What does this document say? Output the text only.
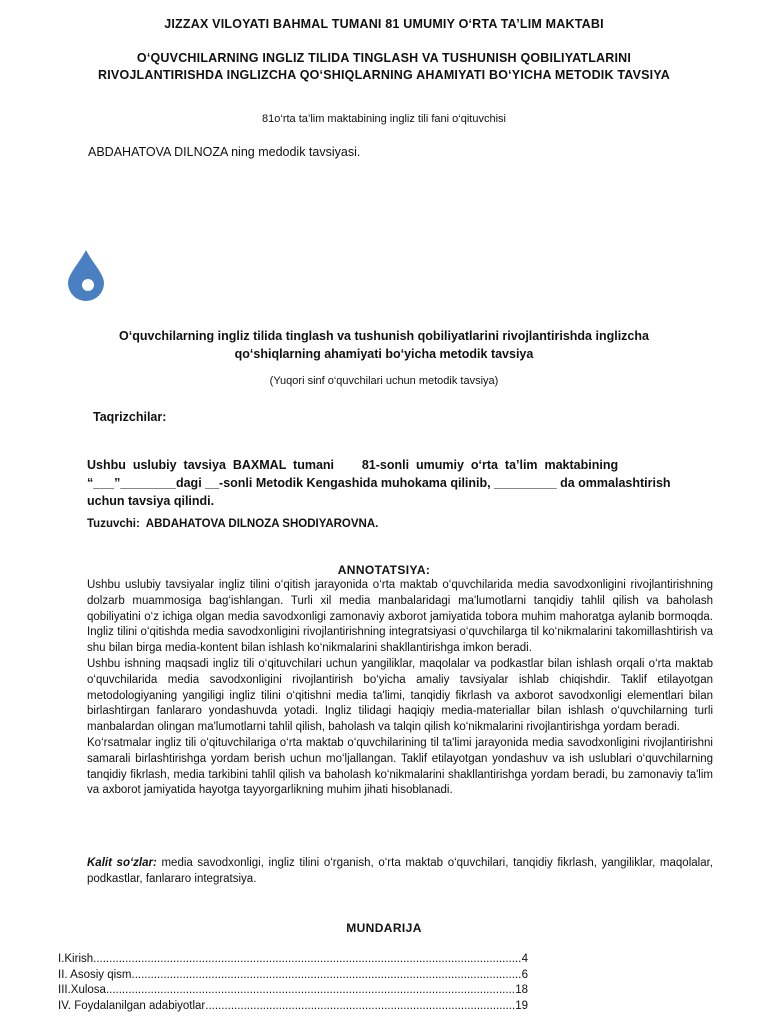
JIZZAX VILOYATI BAHMAL TUMANI 81 UMUMIY O‘RTA TA’LIM MAKTABI
O‘QUVCHILARNING INGLIZ TILIDA TINGLASH VA TUSHUNISH QOBILIYATLARINI
RIVOJLANTIRISHDA INGLIZCHA QO‘SHIQLARNING AHAMIYATI BO‘YICHA METODIK TAVSIYA
81o‘rta ta’lim maktabining ingliz tili fani o‘qituvchisi
ABDAHATOVA DILNOZA ning medodik tavsiyasi.
O‘quvchilarning ingliz tilida tinglash va tushunish qobiliyatlarini rivojlantirishda inglizcha
qo‘shiqlarning ahamiyati bo‘yicha metodik tavsiya
(Yuqori sinf o‘quvchilari uchun metodik tavsiya)
Taqrizchilar:

Ushbu  uslubiy  tavsiya  BAXMAL  tumani        81-sonli  umumiy  o‘rta  ta’lim  maktabining

“___”________dagi __-sonli Metodik Kengashida muhokama qilinib, _________ da ommalashtirish

uchun tavsiya qilindi.

Tuzuvchi: ABDAHATOVA DILNOZA SHODIYAROVNA.
ANNOTATSIYA:

Ushbu uslubiy tavsiyalar ingliz tilini o‘qitish jarayonida o‘rta maktab o‘quvchilarida media savodxonligini rivojlantirishning dolzarb muammosiga bag‘ishlangan. Turli xil media manbalaridagi ma'lumotlarni tanqidiy tahlil qilish va baholash qobiliyatini o‘z ichiga olgan media savodxonligi zamonaviy axborot jamiyatida tobora muhim mahoratga aylanib bormoqda. Ingliz tilini o‘qitishda media savodxonligini rivojlantirishning integratsiyasi o‘quvchilarga til ko‘nikmalarini takomillashtirish va shu bilan birga media-kontent bilan ishlash ko‘nikmalarini shakllantirishga imkon beradi.

Ushbu ishning maqsadi ingliz tili o‘qituvchilari uchun yangiliklar, maqolalar va podkastlar bilan ishlash orqali o‘rta maktab o‘quvchilarida media savodxonligini rivojlantirish bo‘yicha amaliy tavsiyalar ishlab chiqishdir. Taklif etilayotgan metodologiyaning yangiligi ingliz tilini o‘qitishni media ta'limi, tanqidiy fikrlash va axborot savodxonligi elementlari bilan birlashtirgan fanlararo yondashuvda yotadi. Ingliz tilidagi haqiqiy media-materiallar bilan ishlash o‘quvchilarning turli manbalardan olingan ma'lumotlarni tahlil qilish, baholash va talqin qilish ko‘nikmalarini rivojlantirishga yordam beradi.

Ko‘rsatmalar ingliz tili o‘qituvchilariga o‘rta maktab o‘quvchilarining til ta'limi jarayonida media savodxonligini rivojlantirishni samarali birlashtirishga yordam berish uchun mo‘ljallangan. Taklif etilayotgan yondashuv va ish uslublari o‘quvchilarning tanqidiy fikrlash, media tarkibini tahlil qilish va baholash ko‘nikmalarini shakllantirishga yordam beradi, bu zamonaviy ta'lim va axborot jamiyatida hayotga tayyorgarlikning muhim jihati hisoblanadi.

Kalit so‘zlar: media savodxonligi, ingliz tilini o‘rganish, o‘rta maktab o‘quvchilari, tanqidiy fikrlash, yangiliklar, maqolalar, podkastlar, fanlararo integratsiya.
MUNDARIJA
I.Kirish .....	4
II. Asosiy qism .....	6
III.Xulosa .....	18
IV. Foydalanilgan adabiyotlar .....	19
